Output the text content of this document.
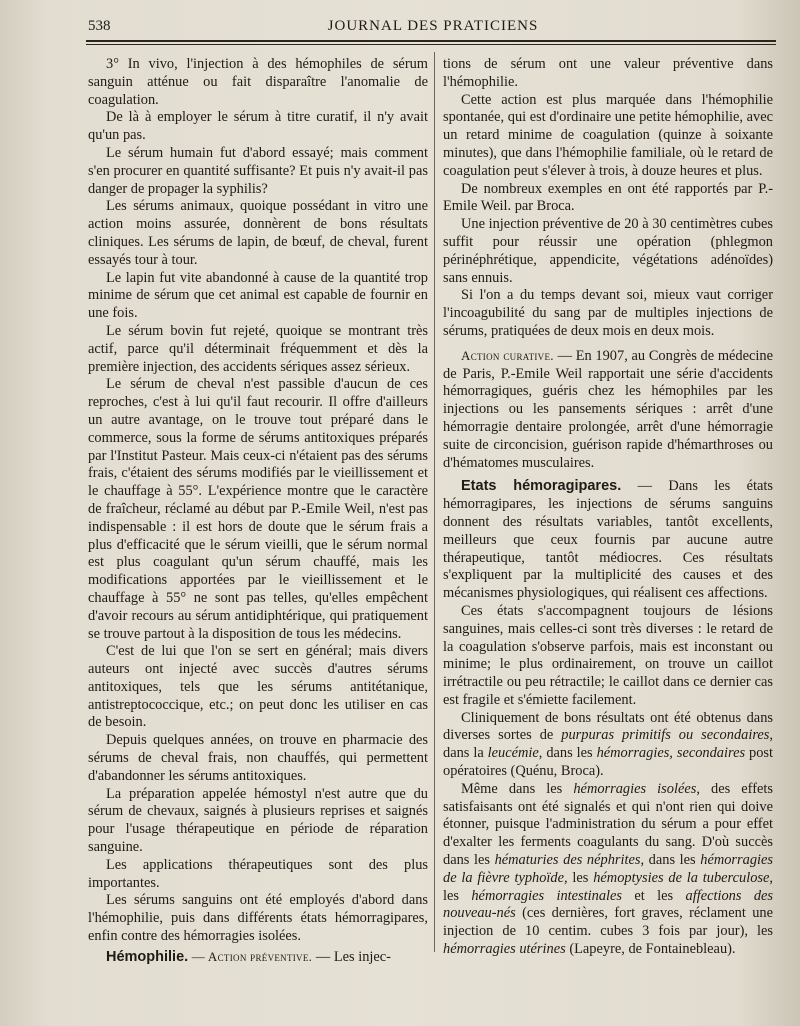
538	JOURNAL DES PRATICIENS

3° In vivo, l'injection à des hémophiles de sérum sanguin atténue ou fait disparaître l'anomalie de coagulation.

De là à employer le sérum à titre curatif, il n'y avait qu'un pas.

Le sérum humain fut d'abord essayé; mais comment s'en procurer en quantité suffisante? Et puis n'y avait-il pas danger de propager la syphilis?

Les sérums animaux, quoique possédant in vitro une action moins assurée, donnèrent de bons résultats cliniques. Les sérums de lapin, de bœuf, de cheval, furent essayés tour à tour.

Le lapin fut vite abandonné à cause de la quantité trop minime de sérum que cet animal est capable de fournir en une fois.

Le sérum bovin fut rejeté, quoique se montrant très actif, parce qu'il déterminait fréquemment et dès la première injection, des accidents sériques assez sérieux.

Le sérum de cheval n'est passible d'aucun de ces reproches, c'est à lui qu'il faut recourir. Il offre d'ailleurs un autre avantage, on le trouve tout préparé dans le commerce, sous la forme de sérums antitoxiques préparés par l'Institut Pasteur. Mais ceux-ci n'étaient pas des sérums frais, c'étaient des sérums modifiés par le vieillissement et le chauffage à 55°. L'expérience montre que le caractère de fraîcheur, réclamé au début par P.-Emile Weil, n'est pas indispensable : il est hors de doute que le sérum frais a plus d'efficacité que le sérum vieilli, que le sérum normal est plus coagulant qu'un sérum chauffé, mais les modifications apportées par le vieillissement et le chauffage à 55° ne sont pas telles, qu'elles empêchent d'avoir recours au sérum antidiphtérique, qui pratiquement se trouve partout à la disposition de tous les médecins.

C'est de lui que l'on se sert en général; mais divers auteurs ont injecté avec succès d'autres sérums antitoxiques, tels que les sérums antitétanique, antistreptococcique, etc.; on peut donc les utiliser en cas de besoin.

Depuis quelques années, on trouve en pharmacie des sérums de cheval frais, non chauffés, qui permettent d'abandonner les sérums antitoxiques.

La préparation appelée hémostyl n'est autre que du sérum de chevaux, saignés à plusieurs reprises et saignés pour l'usage thérapeutique en période de réparation sanguine.

Les applications thérapeutiques sont des plus importantes.

Les sérums sanguins ont été employés d'abord dans l'hémophilie, puis dans différents états hémorragipares, enfin contre des hémorragies isolées.

Hémophilie. — Action préventive. — Les injec-

tions de sérum ont une valeur préventive dans l'hémophilie.

Cette action est plus marquée dans l'hémophilie spontanée, qui est d'ordinaire une petite hémophilie, avec un retard minime de coagulation (quinze à soixante minutes), que dans l'hémophilie familiale, où le retard de coagulation peut s'élever à trois, à douze heures et plus.

De nombreux exemples en ont été rapportés par P.-Emile Weil. par Broca.

Une injection préventive de 20 à 30 centimètres cubes suffit pour réussir une opération (phlegmon périnéphrétique, appendicite, végétations adénoïdes) sans ennuis.

Si l'on a du temps devant soi, mieux vaut corriger l'incoagubilité du sang par de multiples injections de sérums, pratiquées de deux mois en deux mois.

Action curative. — En 1907, au Congrès de médecine de Paris, P.-Emile Weil rapportait une série d'accidents hémorragiques, guéris chez les hémophiles par les injections ou les pansements sériques : arrêt d'une hémorragie dentaire prolongée, arrêt d'une hémorragie suite de circoncision, guérison rapide d'hémarthroses ou d'hématomes musculaires.

Etats hémoragipares. — Dans les états hémorragipares, les injections de sérums sanguins donnent des résultats variables, tantôt excellents, meilleurs que ceux fournis par aucune autre thérapeutique, tantôt médiocres. Ces résultats s'expliquent par la multiplicité des causes et des mécanismes physiologiques, qui réalisent ces affections.

Ces états s'accompagnent toujours de lésions sanguines, mais celles-ci sont très diverses : le retard de la coagulation s'observe parfois, mais est inconstant ou minime; le plus ordinairement, on trouve un caillot irrétractile ou peu rétractile; le caillot dans ce dernier cas est fragile et s'émiette facilement.

Cliniquement de bons résultats ont été obtenus dans diverses sortes de purpuras primitifs ou secondaires, dans la leucémie, dans les hémorragies, secondaires post opératoires (Quénu, Broca).

Même dans les hémorragies isolées, des effets satisfaisants ont été signalés et qui n'ont rien qui doive étonner, puisque l'administration du sérum a pour effet d'exalter les ferments coagulants du sang. D'où succès dans les hématuries des néphrites, dans les hémorragies de la fièvre typhoïde, les hémoptysies de la tuberculose, les hémorragies intestinales et les affections des nouveau-nés (ces dernières, fort graves, réclament une injection de 10 centim. cubes 3 fois par jour), les hémorragies utérines (Lapeyre, de Fontainebleau).
